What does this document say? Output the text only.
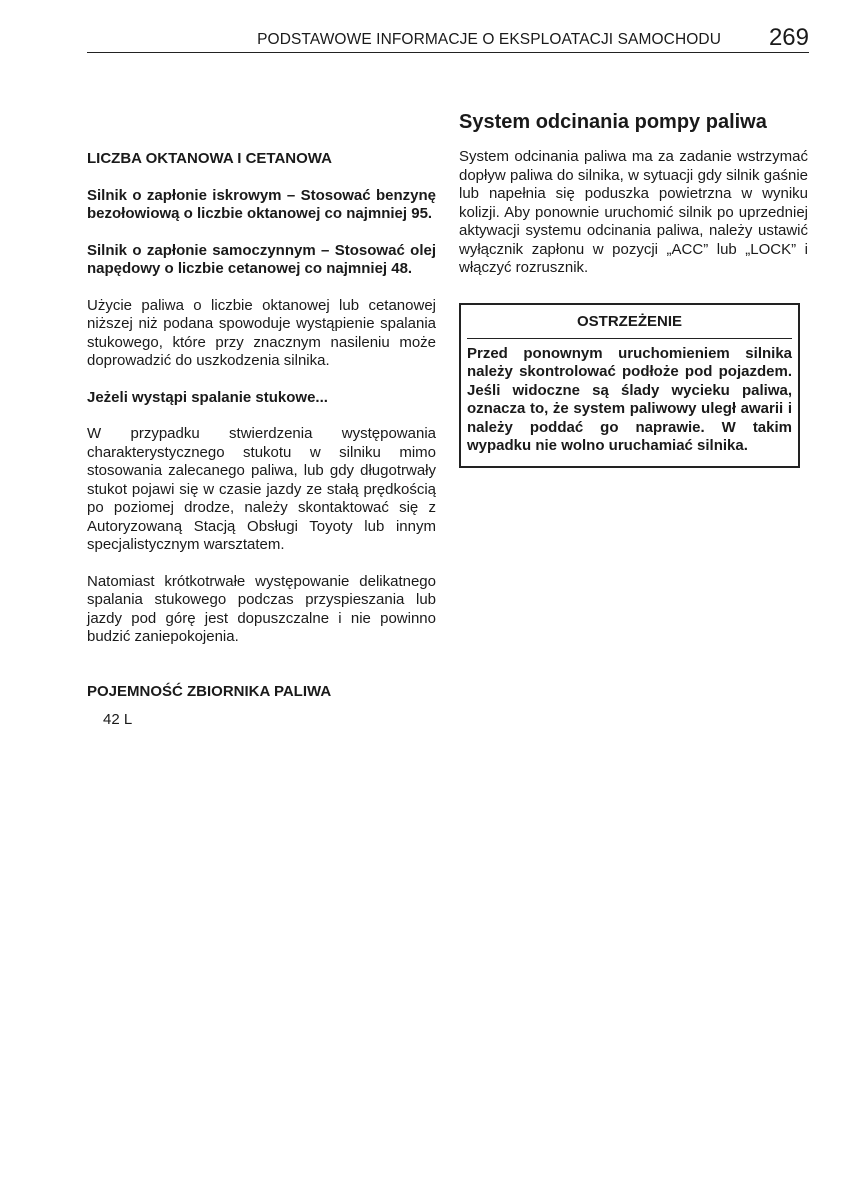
PODSTAWOWE INFORMACJE O EKSPLOATACJI SAMOCHODU 269

LICZBA OKTANOWA I CETANOWA

Silnik o zapłonie iskrowym – Stosować benzynę bezołowiową o liczbie oktanowej co najmniej 95.

Silnik o zapłonie samoczynnym – Stosować olej napędowy o liczbie cetanowej co najmniej 48.

Użycie paliwa o liczbie oktanowej lub cetanowej niższej niż podana spowoduje wystąpienie spalania stukowego, które przy znacznym nasileniu może doprowadzić do uszkodzenia silnika.

Jeżeli wystąpi spalanie stukowe...

W przypadku stwierdzenia występowania charakterystycznego stukotu w silniku mimo stosowania zalecanego paliwa, lub gdy długotrwały stukot pojawi się w czasie jazdy ze stałą prędkością po poziomej drodze, należy skontaktować się z Autoryzowaną Stacją Obsługi Toyoty lub innym specjalistycznym warsztatem.

Natomiast krótkotrwałe występowanie delikatnego spalania stukowego podczas przyspieszania lub jazdy pod górę jest dopuszczalne i nie powinno budzić zaniepokojenia.

POJEMNOŚĆ ZBIORNIKA PALIWA

42 L

System odcinania pompy paliwa

System odcinania paliwa ma za zadanie wstrzymać dopływ paliwa do silnika, w sytuacji gdy silnik gaśnie lub napełnia się poduszka powietrzna w wyniku kolizji. Aby ponownie uruchomić silnik po uprzedniej aktywacji systemu odcinania paliwa, należy ustawić wyłącznik zapłonu w pozycji „ACC” lub „LOCK” i włączyć rozrusznik.

OSTRZEŻENIE
Przed ponownym uruchomieniem silnika należy skontrolować podłoże pod pojazdem. Jeśli widoczne są ślady wycieku paliwa, oznacza to, że system paliwowy uległ awarii i należy poddać go naprawie. W takim wypadku nie wolno uruchamiać silnika.
